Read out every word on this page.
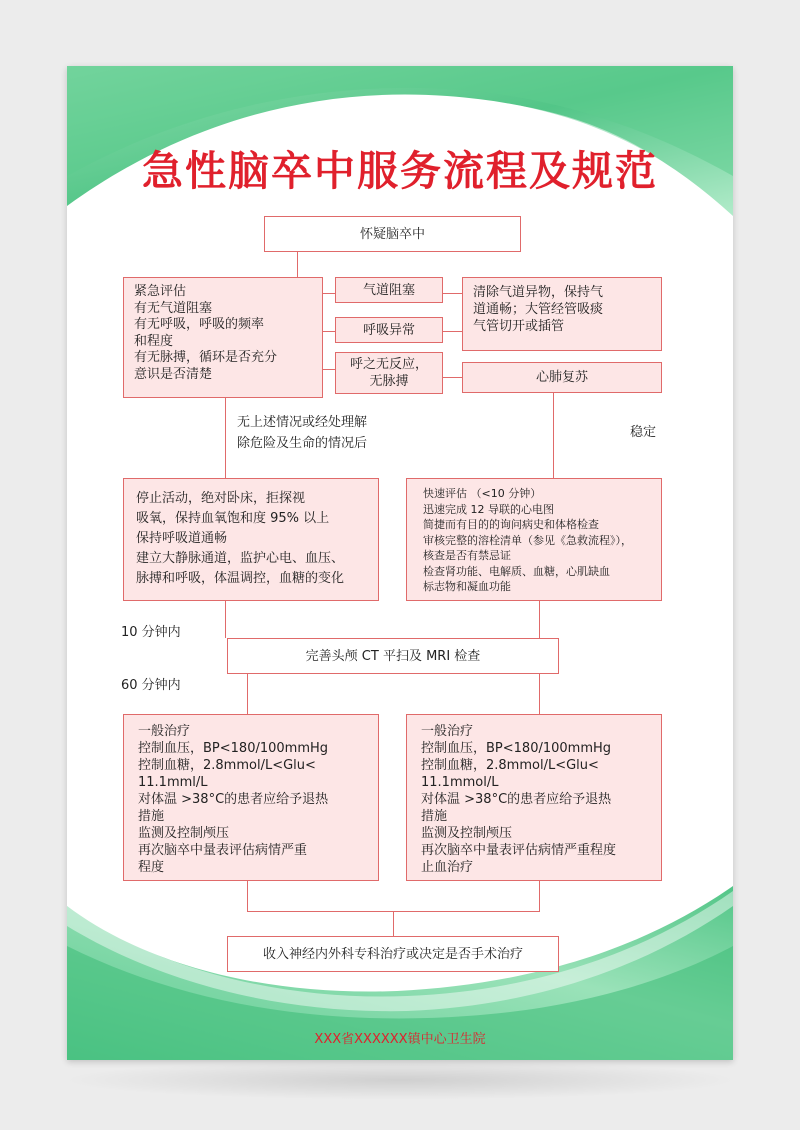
急性脑卒中服务流程及规范
怀疑脑卒中
紧急评估
有无气道阻塞
有无呼吸，呼吸的频率
和程度
有无脉搏，循环是否充分
意识是否清楚
气道阻塞
呼吸异常
呼之无反应，
无脉搏
清除气道异物，保持气
道通畅；大管经管吸痰
气管切开或插管
心肺复苏
无上述情况或经处理解
除危险及生命的情况后
稳定
停止活动，绝对卧床，拒探视
吸氧，保持血氧饱和度 95% 以上
保持呼吸道通畅
建立大静脉通道，监护心电、血压、
脉搏和呼吸，体温调控，血糖的变化
快速评估 （<10 分钟）
迅速完成 12 导联的心电图
简捷而有目的的询问病史和体格检查
审核完整的溶栓清单（参见《急救流程》），
核查是否有禁忌证
检查肾功能、电解质、血糖，心肌缺血
标志物和凝血功能
10 分钟内
完善头颅 CT 平扫及 MRI 检查
60 分钟内
一般治疗
控制血压，BP<180/100mmHg
控制血糖，2.8mmol/L<Glu<
11.1mml/L
对体温 >38°C的患者应给予退热
措施
监测及控制颅压
再次脑卒中量表评估病情严重
程度
一般治疗
控制血压，BP<180/100mmHg
控制血糖，2.8mmol/L<Glu<
11.1mmol/L
对体温 >38°C的患者应给予退热
措施
监测及控制颅压
再次脑卒中量表评估病情严重程度
止血治疗
收入神经内外科专科治疗或决定是否手术治疗
XXX省XXXXXX镇中心卫生院
